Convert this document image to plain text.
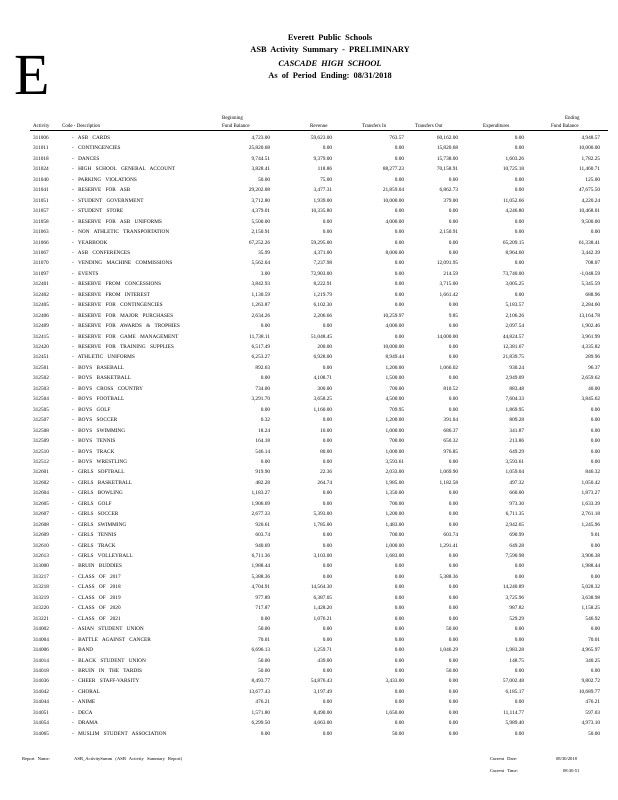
E
Everett Public Schools
ASB Activity Summary - PRELIMINARY
CASCADE HIGH SCHOOL
As of Period Ending: 08/31/2018
Activity	Code - Description
Beginning
Fund Balance	Revenue	Transfers In	Transfers Out	Expenditures
Ending
Fund Balance
311006	- ASB CARDS	4,723.00	59,623.00	763.57	60,162.00	0.00	4,948.57
311011	- CONTINGENCIES	25,820.68	0.00	0.00	15,820.68	0.00	10,000.00
311018	- DANCES	9,744.51	9,379.00	0.00	15,738.00	1,603.26	1,782.25
311024	- HIGH SCHOOL GENERAL ACCOUNT	3,828.41	118.86	88,277.23	70,158.91	10,725.18	11,460.71
311040	- PARKING VIOLATIONS	50.00	75.00	0.00	0.00	0.00	125.00
311041	- RESERVE FOR ASB	29,202.08	3,477.31	21,859.04	6,862.73	0.00	47,675.50
311051	- STUDENT GOVERNMENT	3,712.80	1,939.00	10,000.00	379.00	11,052.66	4,220.24
311057	- STUDENT STORE	4,379.01	10,335.80	0.00	0.00	4,246.80	10,468.01
311058	- RESERVE FOR ASB UNIFORMS	5,500.00	0.00	4,000.00	0.00	0.00	9,500.00
311063	- NON ATHLETIC TRANSPORTATION	2,150.91	0.00	0.00	2,150.91	0.00	0.00
311066	- YEARBOOK	67,252.26	59,295.00	0.00	0.00	65,209.15	61,338.41
311067	- ASB CONFERENCES	35.99	4,371.00	8,000.00	0.00	8,964.60	3,442.39
311070	- VENDING MACHINE COMMISSIONS	5,562.04	7,237.98	0.00	12,091.95	0.00	708.07
311097	- EVENTS	3.00	72,903.00	0.00	214.59	73,740.00	-1,048.59
312401	- RESERVE FROM CONCESSIONS	3,842.93	8,222.91	0.00	3,715.00	3,005.25	5,345.59
312402	- RESERVE FROM INTEREST	1,130.59	1,219.79	0.00	1,661.42	0.00	688.96
312405	- RESERVE FOR CONTINGENCIES	1,263.87	6,102.30	0.00	0.00	5,183.57	2,284.60
312406	- RESERVE FOR MAJOR PURCHASES	2,634.26	2,206.66	10,259.97	9.85	2,106.26	13,164.78
312409	- RESERVE FOR AWARDS & TROPHIES	0.00	0.00	4,000.00	0.00	2,097.54	1,902.46
312415	- RESERVE FOR GAME MANAGEMENT	11,738.11	51,048.45	0.00	14,000.00	44,824.57	3,961.99
312420	- RESERVE FOR TRAINING SUPPLIES	6,517.49	200.00	10,000.00	0.00	12,381.67	4,335.82
312451	- ATHLETIC UNIFORMS	6,253.27	6,928.00	8,949.44	0.00	21,839.75	289.96
312501	- BOYS BASEBALL	892.63	0.00	1,200.00	1,066.02	930.24	96.37
312502	- BOYS BASKETBALL	0.00	4,108.71	1,500.00	0.00	2,949.09	2,659.62
312503	- BOYS CROSS COUNTRY	734.00	300.00	700.00	810.52	883.48	40.00
312504	- BOYS FOOTBALL	3,291.70	3,658.25	4,500.00	0.00	7,604.33	3,845.62
312505	- BOYS GOLF	0.00	1,160.00	709.95	0.00	1,869.95	0.00
312507	- BOYS SOCCER	0.32	0.00	1,200.00	391.04	809.28	0.00
312508	- BOYS SWIMMING	18.24	10.00	1,000.00	686.37	341.87	0.00
312509	- BOYS TENNIS	164.18	0.00	700.00	650.32	213.86	0.00
312510	- BOYS TRACK	546.14	80.00	1,000.00	976.85	649.29	0.00
312512	- BOYS WRESTLING	0.00	0.00	3,593.61	0.00	3,593.61	0.00
312601	- GIRLS SOFTBALL	919.90	22.36	2,033.00	1,069.90	1,059.04	846.32
312602	- GIRLS BASKETBALL	482.28	264.74	1,985.00	1,182.58	497.32	1,050.42
312604	- GIRLS BOWLING	1,183.27	0.00	1,350.00	0.00	660.00	1,873.27
312605	- GIRLS GOLF	1,906.69	0.00	700.00	0.00	973.30	1,633.39
312607	- GIRLS SOCCER	2,677.33	5,393.00	1,200.00	0.00	6,711.35	2,761.18
312608	- GIRLS SWIMMING	920.61	1,785.00	1,483.00	0.00	2,942.65	1,245.96
312609	- GIRLS TENNIS	603.74	0.00	700.00	603.74	690.99	9.01
312610	- GIRLS TRACK	940.69	0.00	1,000.00	1,291.41	649.28	0.00
312613	- GIRLS VOLLEYBALL	6,711.36	3,103.00	1,683.00	0.00	7,590.98	3,906.38
313000	- BRUIN BUDDIES	1,988.44	0.00	0.00	0.00	0.00	1,988.44
313217	- CLASS OF 2017	5,388.36	0.00	0.00	5,388.36	0.00	0.00
313218	- CLASS OF 2018	4,704.91	14,564.30	0.00	0.00	14,240.89	5,028.32
313219	- CLASS OF 2019	977.89	6,387.05	0.00	0.00	3,725.96	3,638.98
313220	- CLASS OF 2020	717.87	1,428.20	0.00	0.00	987.82	1,158.25
313221	- CLASS OF 2021	0.00	1,076.21	0.00	0.00	529.29	546.92
314002	- ASIAN STUDENT UNION	50.00	0.00	0.00	50.00	0.00	0.00
314004	- BATTLE AGAINST CANCER	70.01	0.00	0.00	0.00	0.00	70.01
314006	- BAND	6,696.13	1,259.71	0.00	1,046.29	1,983.28	4,965.97
314014	- BLACK STUDENT UNION	50.00	439.00	0.00	0.00	148.75	340.25
314018	- BRUIN IN THE TARDIS	50.00	0.00	0.00	50.00	0.00	0.00
314036	- CHEER STAFF-VARSITY	8,493.77	54,876.43	3,433.00	0.00	57,002.48	9,802.72
314042	- CHORAL	13,677.43	3,197.49	0.00	0.00	6,185.17	10,689.77
314044	- ANIME	476.21	0.00	0.00	0.00	0.00	476.21
314051	- DECA	1,571.80	8,490.00	1,650.00	0.00	11,114.77	597.03
314054	- DRAMA	6,299.50	4,663.00	0.00	0.00	5,989.40	4,973.10
314065	- MUSLIM STUDENT ASSOCIATION	0.00	0.00	50.00	0.00	0.00	50.00
Report Name:	ASB_ActivitySumm (ASB Activity Summary Report)	Current Date:	08/30/2018
Current Time:	08:30:51
